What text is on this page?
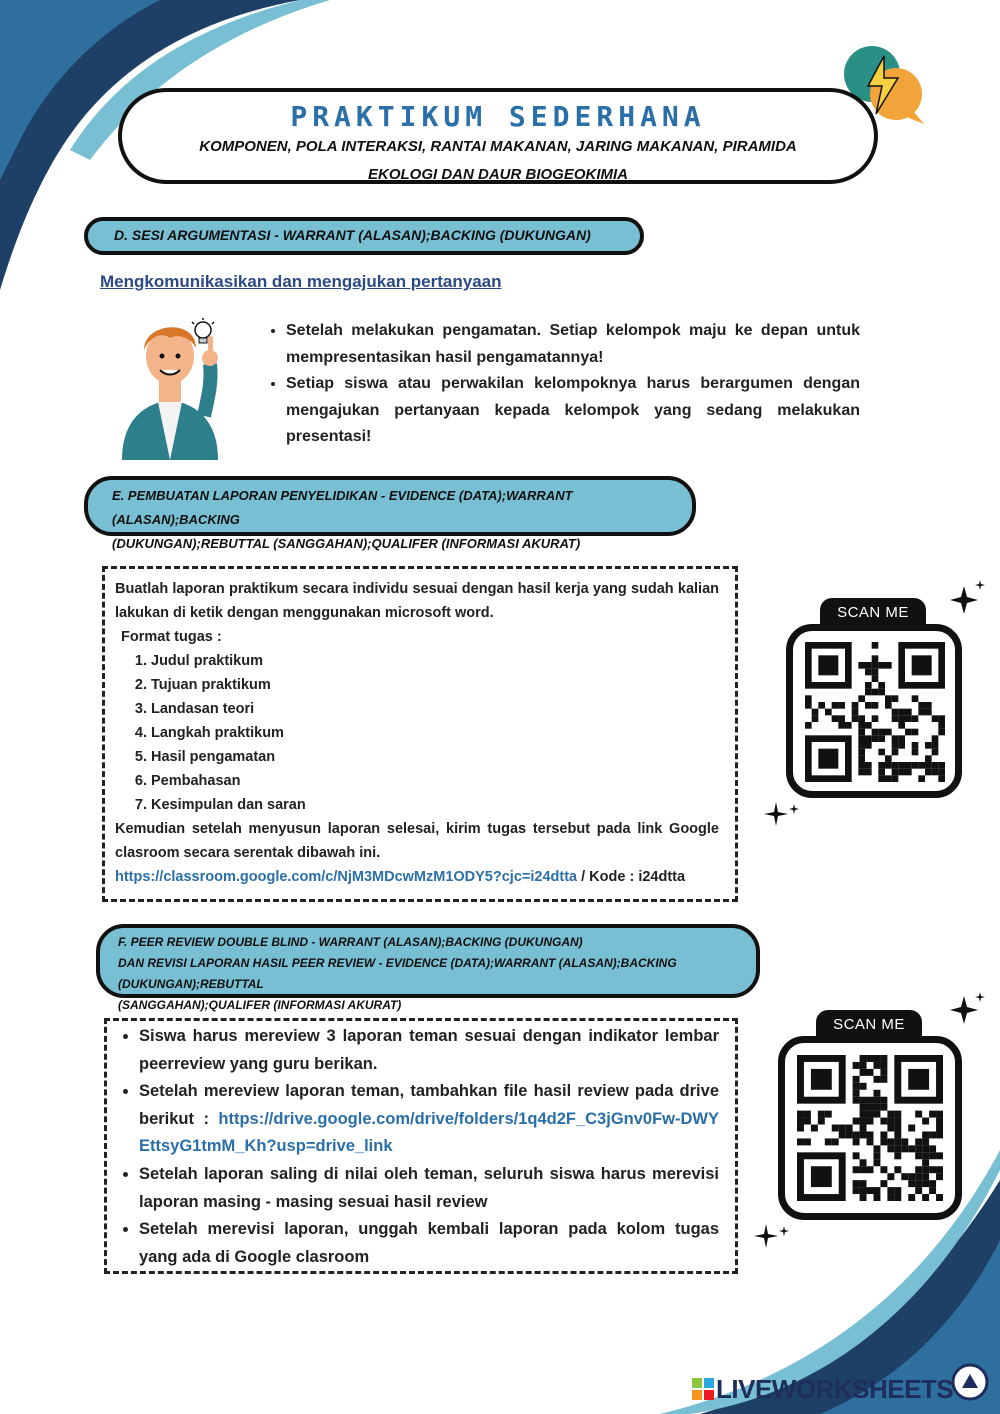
PRAKTIKUM SEDERHANA
KOMPONEN, POLA INTERAKSI, RANTAI MAKANAN, JARING MAKANAN, PIRAMIDA
EKOLOGI DAN DAUR BIOGEOKIMIA
D. SESI ARGUMENTASI - WARRANT (ALASAN);BACKING (DUKUNGAN)
Mengkomunikasikan dan mengajukan pertanyaan
• Setelah melakukan pengamatan. Setiap kelompok maju ke depan untuk mempresentasikan hasil pengamatannya!
• Setiap siswa atau perwakilan kelompoknya harus berargumen dengan mengajukan pertanyaan kepada kelompok yang sedang melakukan presentasi!
E. PEMBUATAN LAPORAN PENYELIDIKAN - EVIDENCE (DATA);WARRANT (ALASAN);BACKING
(DUKUNGAN);REBUTTAL (SANGGAHAN);QUALIFER (INFORMASI AKURAT)

Buatlah laporan praktikum secara individu sesuai dengan hasil kerja yang sudah kalian lakukan di ketik dengan menggunakan microsoft word.

Format tugas :
1. Judul praktikum
2. Tujuan praktikum
3. Landasan teori
4. Langkah praktikum
5. Hasil pengamatan
6. Pembahasan
7. Kesimpulan dan saran

Kemudian setelah menyusun laporan selesai, kirim tugas tersebut pada link Google clasroom secara serentak dibawah ini.

https://classroom.google.com/c/NjM3MDcwMzM1ODY5?cjc=i24dtta / Kode : i24dtta
SCAN ME
F. PEER REVIEW DOUBLE BLIND - WARRANT (ALASAN);BACKING (DUKUNGAN)
DAN REVISI LAPORAN HASIL PEER REVIEW - EVIDENCE (DATA);WARRANT (ALASAN);BACKING (DUKUNGAN);REBUTTAL
(SANGGAHAN);QUALIFER (INFORMASI AKURAT)
• Siswa harus mereview 3 laporan teman sesuai dengan indikator lembar peerreview yang guru berikan.
• Setelah mereview laporan teman, tambahkan file hasil review pada drive berikut : https://drive.google.com/drive/folders/1q4d2F_C3jGnv0Fw-DWYEttsyG1tmM_Kh?usp=drive_link
• Setelah laporan saling di nilai oleh teman, seluruh siswa harus merevisi laporan masing - masing sesuai hasil review
• Setelah merevisi laporan, unggah kembali laporan pada kolom tugas yang ada di Google clasroom
SCAN ME
LIVEWORKSHEETS
